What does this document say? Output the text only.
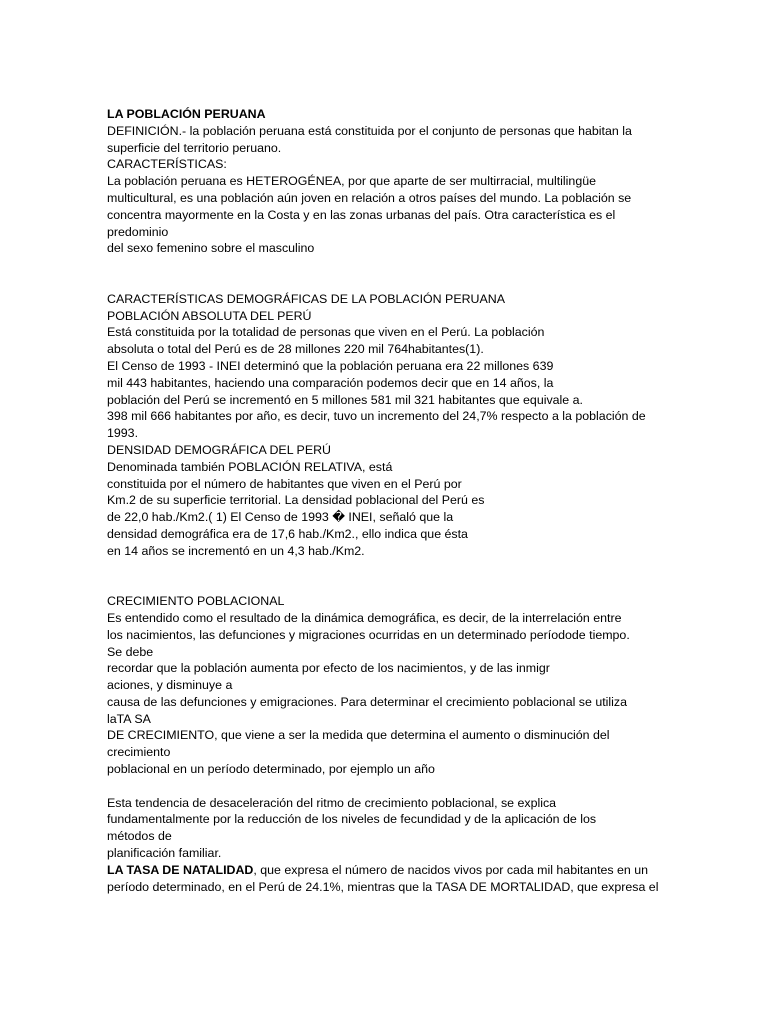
LA POBLACIÓN PERUANA
DEFINICIÓN.- la población peruana está constituida por el conjunto de personas que habitan la
superficie del territorio peruano.
CARACTERÍSTICAS:
La población peruana es HETEROGÉNEA, por que aparte de ser multirracial, multilingüe
multicultural, es una población aún joven en relación a otros países del mundo. La población se
concentra mayormente en la Costa y en las zonas urbanas del país. Otra característica es el
predominio
del sexo femenino sobre el masculino
CARACTERÍSTICAS DEMOGRÁFICAS DE LA POBLACIÓN PERUANA
POBLACIÓN ABSOLUTA DEL PERÚ
Está constituida por la totalidad de personas que viven en el Perú. La población
absoluta o total del Perú es de 28 millones 220 mil 764habitantes(1).
El Censo de 1993 - INEI determinó que la población peruana era 22 millones 639
mil 443 habitantes, haciendo una comparación podemos decir que en 14 años, la
población del Perú se incrementó en 5 millones 581 mil 321 habitantes que equivale a.
398 mil 666 habitantes por año, es decir, tuvo un incremento del 24,7% respecto a la población de
1993.
DENSIDAD DEMOGRÁFICA DEL PERÚ
Denominada también POBLACIÓN RELATIVA, está
constituida por el número de habitantes que viven en el Perú por
Km.2 de su superficie territorial. La densidad poblacional del Perú es
de 22,0 hab./Km2.( 1) El Censo de 1993 � INEI, señaló que la
densidad demográfica era de 17,6 hab./Km2., ello indica que ésta
en 14 años se incrementó en un 4,3 hab./Km2.
CRECIMIENTO POBLACIONAL
Es entendido como el resultado de la dinámica demográfica, es decir, de la interrelación entre
los nacimientos, las defunciones y migraciones ocurridas en un determinado períodode tiempo.
Se debe
recordar que la población aumenta por efecto de los nacimientos, y de las inmigr
aciones, y disminuye a
causa de las defunciones y emigraciones. Para determinar el crecimiento poblacional se utiliza
laTA SA
DE CRECIMIENTO, que viene a ser la medida que determina el aumento o disminución del
crecimiento
poblacional en un período determinado, por ejemplo un año
Esta tendencia de desaceleración del ritmo de crecimiento poblacional, se explica
fundamentalmente por la reducción de los niveles de fecundidad y de la aplicación de los
métodos de
planificación familiar.
LA TASA DE NATALIDAD, que expresa el número de nacidos vivos por cada mil habitantes en un
período determinado, en el Perú de 24.1%, mientras que la TASA DE MORTALIDAD, que expresa el
